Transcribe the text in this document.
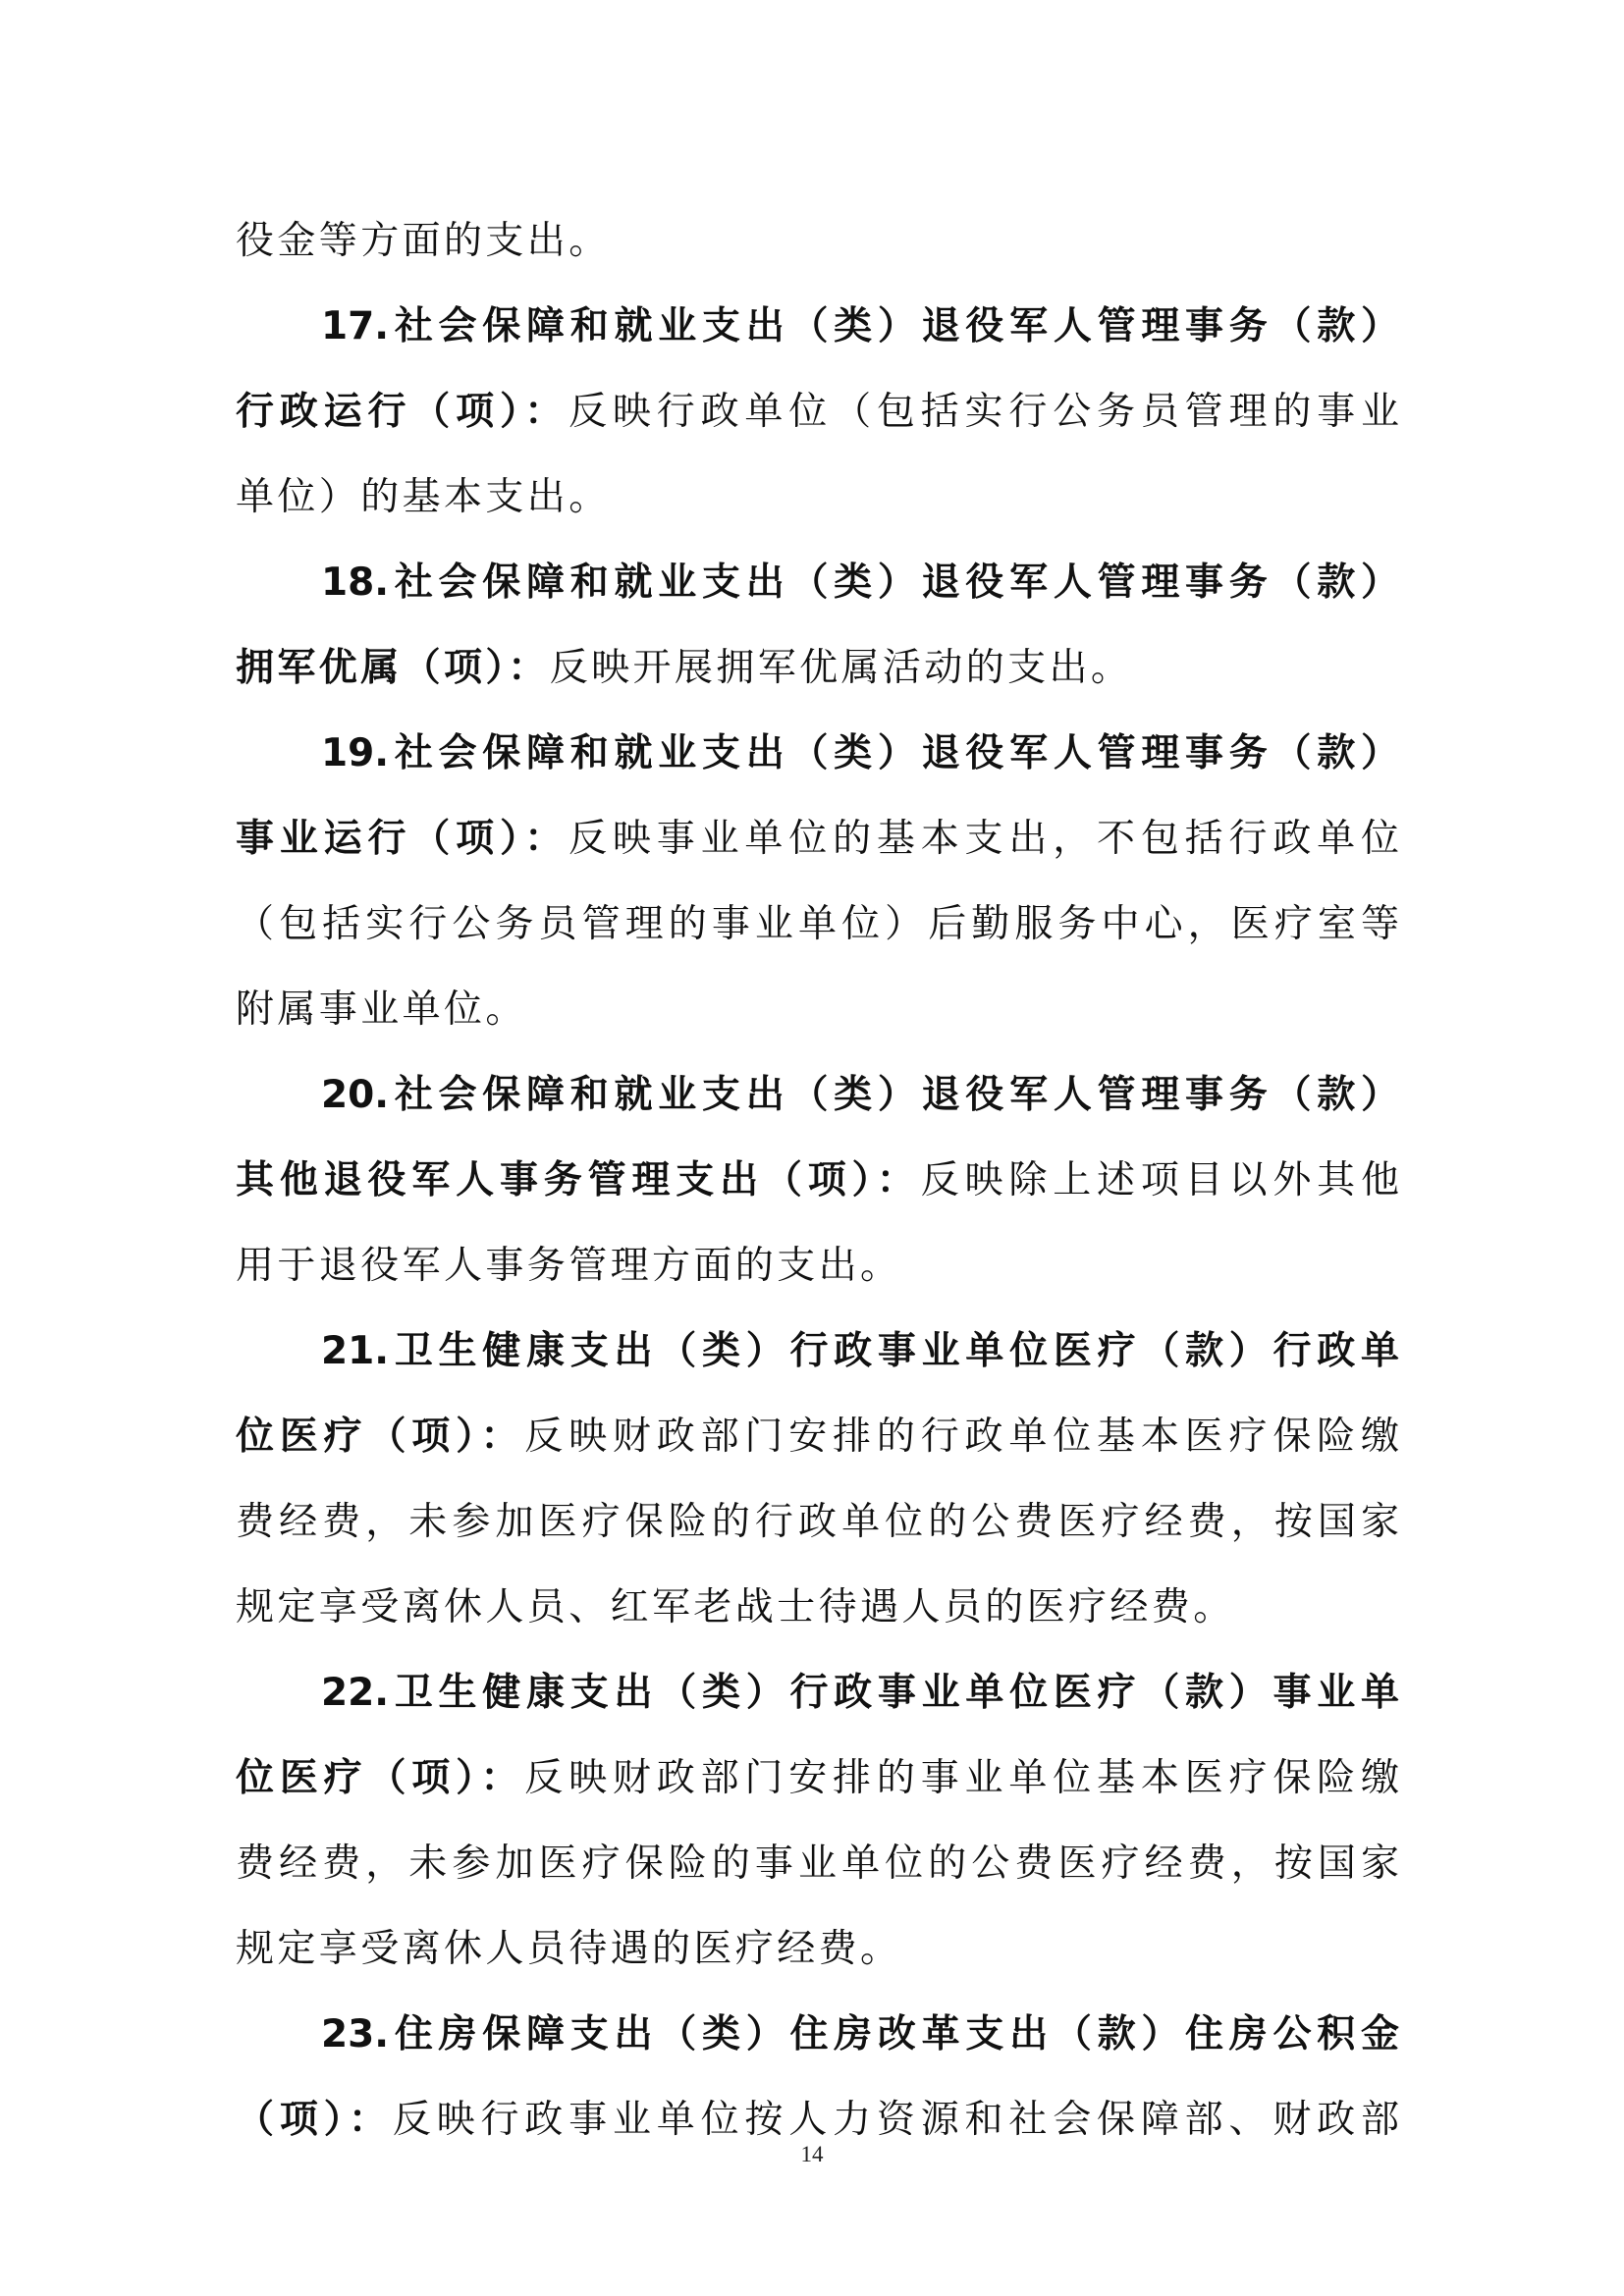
役金等方面的支出。
17.社会保障和就业支出（类）退役军人管理事务（款）
行政运行（项）：反映行政单位（包括实行公务员管理的事业
单位）的基本支出。
18.社会保障和就业支出（类）退役军人管理事务（款）
拥军优属（项）：反映开展拥军优属活动的支出。
19.社会保障和就业支出（类）退役军人管理事务（款）
事业运行（项）：反映事业单位的基本支出，不包括行政单位
（包括实行公务员管理的事业单位）后勤服务中心，医疗室等
附属事业单位。
20.社会保障和就业支出（类）退役军人管理事务（款）
其他退役军人事务管理支出（项）：反映除上述项目以外其他
用于退役军人事务管理方面的支出。
21.卫生健康支出（类）行政事业单位医疗（款）行政单
位医疗（项）：反映财政部门安排的行政单位基本医疗保险缴
费经费，未参加医疗保险的行政单位的公费医疗经费，按国家
规定享受离休人员、红军老战士待遇人员的医疗经费。
22.卫生健康支出（类）行政事业单位医疗（款）事业单
位医疗（项）：反映财政部门安排的事业单位基本医疗保险缴
费经费，未参加医疗保险的事业单位的公费医疗经费，按国家
规定享受离休人员待遇的医疗经费。
23.住房保障支出（类）住房改革支出（款）住房公积金
（项）：反映行政事业单位按人力资源和社会保障部、财政部
14
